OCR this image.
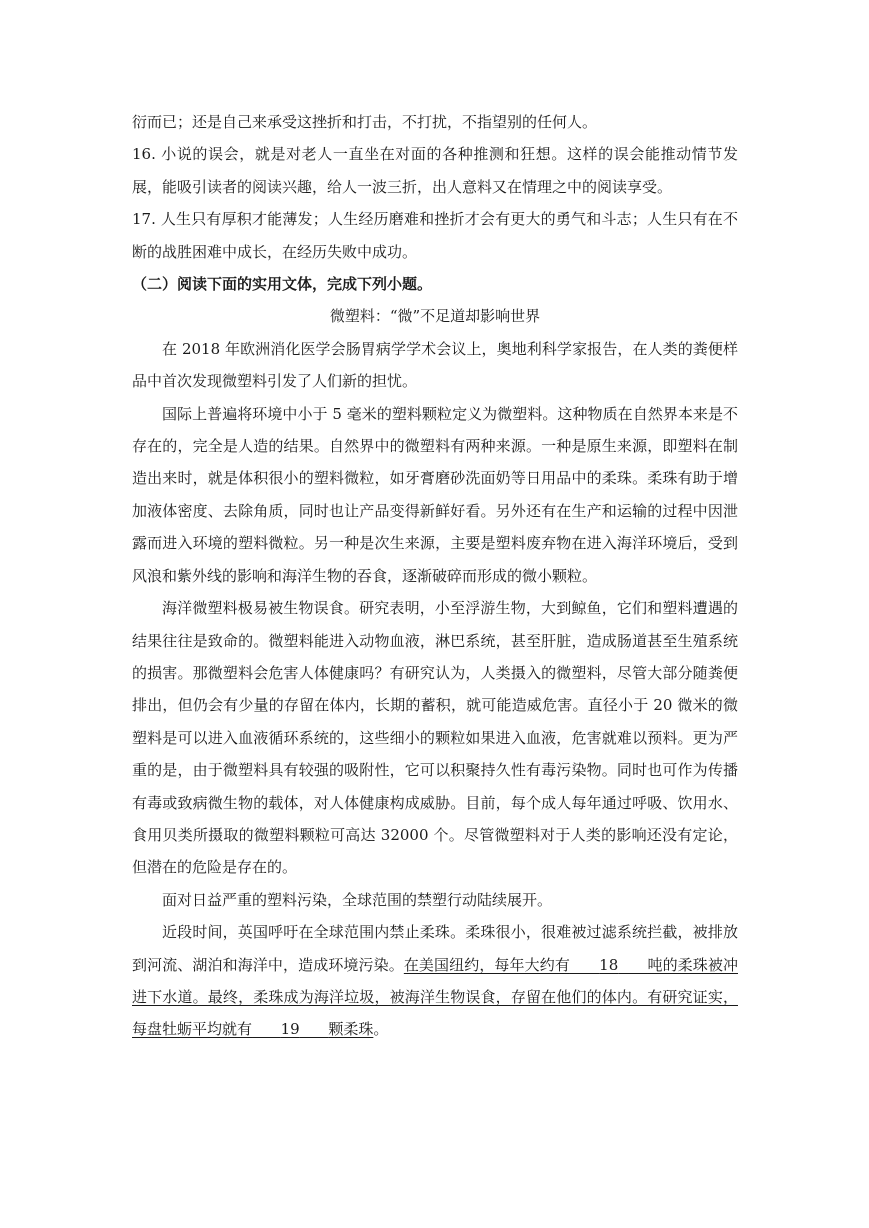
衍而已；还是自己来承受这挫折和打击，不打扰，不指望别的任何人。

16. 小说的误会，就是对老人一直坐在对面的各种推测和狂想。这样的误会能推动情节发展，能吸引读者的阅读兴趣，给人一波三折，出人意料又在情理之中的阅读享受。

17. 人生只有厚积才能薄发；人生经历磨难和挫折才会有更大的勇气和斗志；人生只有在不断的战胜困难中成长，在经历失败中成功。

（二）阅读下面的实用文体，完成下列小题。

微塑料：“微”不足道却影响世界

在 2018 年欧洲消化医学会肠胃病学学术会议上，奥地利科学家报告，在人类的粪便样品中首次发现微塑料引发了人们新的担忧。

国际上普遍将环境中小于 5 毫米的塑料颗粒定义为微塑料。这种物质在自然界本来是不存在的，完全是人造的结果。自然界中的微塑料有两种来源。一种是原生来源，即塑料在制造出来时，就是体积很小的塑料微粒，如牙膏磨砂洗面奶等日用品中的柔珠。柔珠有助于增加液体密度、去除角质，同时也让产品变得新鲜好看。另外还有在生产和运输的过程中因泄露而进入环境的塑料微粒。另一种是次生来源，主要是塑料废弃物在进入海洋环境后，受到风浪和紫外线的影响和海洋生物的吞食，逐渐破碎而形成的微小颗粒。

海洋微塑料极易被生物误食。研究表明，小至浮游生物，大到鲸鱼，它们和塑料遭遇的结果往往是致命的。微塑料能进入动物血液，淋巴系统，甚至肝脏，造成肠道甚至生殖系统的损害。那微塑料会危害人体健康吗？有研究认为，人类摄入的微塑料，尽管大部分随粪便排出，但仍会有少量的存留在体内，长期的蓄积，就可能造威危害。直径小于 20 微米的微塑料是可以进入血液循环系统的，这些细小的颗粒如果进入血液，危害就难以预料。更为严重的是，由于微塑料具有较强的吸附性，它可以积聚持久性有毒污染物。同时也可作为传播有毒或致病微生物的载体，对人体健康构成威胁。目前，每个成人每年通过呼吸、饮用水、食用贝类所摄取的微塑料颗粒可高达 32000 个。尽管微塑料对于人类的影响还没有定论，但潜在的危险是存在的。

面对日益严重的塑料污染，全球范围的禁塑行动陆续展开。

近段时间，英国呼吁在全球范围内禁止柔珠。柔珠很小，很难被过滤系统拦截，被排放到河流、湖泊和海洋中，造成环境污染。在美国纽约，每年大约有 18 吨的柔珠被冲进下水道。最终，柔珠成为海洋垃圾，被海洋生物误食，存留在他们的体内。有研究证实，每盘牡蛎平均就有 19 颗柔珠。
